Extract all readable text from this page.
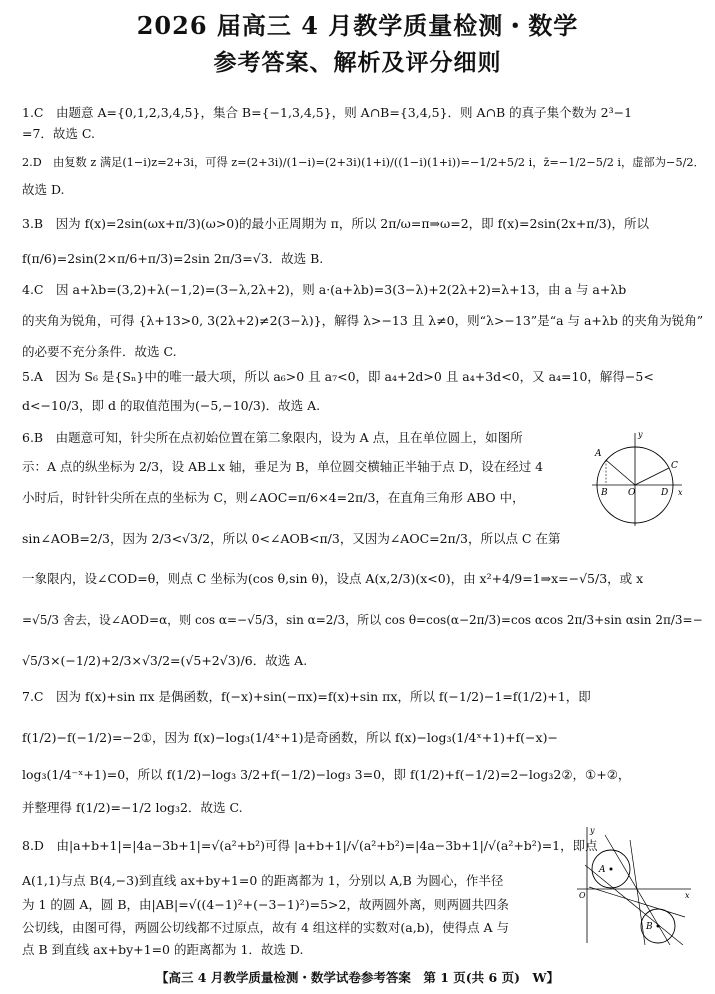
2026 届高三 4 月教学质量检测・数学
参考答案、解析及评分细则
1.C　由题意 A={0,1,2,3,4,5}，集合 B={−1,3,4,5}，则 A∩B={3,4,5}．则 A∩B 的真子集个数为 2³−1
=7．故选 C.
2.D　由复数 z 满足(1−i)z=2+3i，可得 z=(2+3i)/(1−i)=(2+3i)(1+i)/((1−i)(1+i))=−1/2+5/2 i，z̄=−1/2−5/2 i，虚部为−5/2．
故选 D.
3.B　因为 f(x)=2sin(ωx+π/3)(ω>0)的最小正周期为 π，所以 2π/ω=π⇒ω=2，即 f(x)=2sin(2x+π/3)，所以
f(π/6)=2sin(2×π/6+π/3)=2sin 2π/3=√3．故选 B.
4.C　因 a+λb=(3,2)+λ(−1,2)=(3−λ,2λ+2)，则 a·(a+λb)=3(3−λ)+2(2λ+2)=λ+13，由 a 与 a+λb
的夹角为锐角，可得 {λ+13>0, 3(2λ+2)≠2(3−λ)}，解得 λ>−13 且 λ≠0，则“λ>−13”是“a 与 a+λb 的夹角为锐角”
的必要不充分条件．故选 C.
5.A　因为 S₆ 是{Sₙ}中的唯一最大项，所以 a₆>0 且 a₇<0，即 a₄+2d>0 且 a₄+3d<0，又 a₄=10，解得−5<
d<−10/3，即 d 的取值范围为(−5,−10/3)．故选 A.
6.B　由题意可知，针尖所在点初始位置在第二象限内，设为 A 点，且在单位圆上，如图所
示：A 点的纵坐标为 2/3，设 AB⊥x 轴，垂足为 B，单位圆交横轴正半轴于点 D，设在经过 4
小时后，时针针尖所在点的坐标为 C，则∠AOC=π/6×4=2π/3，在直角三角形 ABO 中，
sin∠AOB=2/3，因为 2/3<√3/2，所以 0<∠AOB<π/3，又因为∠AOC=2π/3，所以点 C 在第
一象限内，设∠COD=θ，则点 C 坐标为(cos θ,sin θ)，设点 A(x,2/3)(x<0)，由 x²+4/9=1⇒x=−√5/3，或 x
=√5/3 舍去，设∠AOD=α，则 cos α=−√5/3，sin α=2/3，所以 cos θ=cos(α−2π/3)=cos αcos 2π/3+sin αsin 2π/3=−
√5/3×(−1/2)+2/3×√3/2=(√5+2√3)/6．故选 A.
7.C　因为 f(x)+sin πx 是偶函数，f(−x)+sin(−πx)=f(x)+sin πx，所以 f(−1/2)−1=f(1/2)+1，即
f(1/2)−f(−1/2)=−2①，因为 f(x)−log₃(1/4ˣ+1)是奇函数，所以 f(x)−log₃(1/4ˣ+1)+f(−x)−
log₃(1/4⁻ˣ+1)=0，所以 f(1/2)−log₃ 3/2+f(−1/2)−log₃ 3=0，即 f(1/2)+f(−1/2)=2−log₃2②，①+②，
并整理得 f(1/2)=−1/2 log₃2．故选 C.
8.D　由|a+b+1|=|4a−3b+1|=√(a²+b²)可得 |a+b+1|/√(a²+b²)=|4a−3b+1|/√(a²+b²)=1，即点
A(1,1)与点 B(4,−3)到直线 ax+by+1=0 的距离都为 1，分别以 A,B 为圆心，作半径
为 1 的圆 A，圆 B，由|AB|=√((4−1)²+(−3−1)²)=5>2，故两圆外离，则两圆共四条
公切线，由图可得，两圆公切线都不过原点，故有 4 组这样的实数对(a,b)，使得点 A 与
点 B 到直线 ax+by+1=0 的距离都为 1．故选 D.
A
B O	D
C
x
y
y
O	x
A
B
【高三 4 月教学质量检测・数学试卷参考答案　第 1 页(共 6 页)　W】
